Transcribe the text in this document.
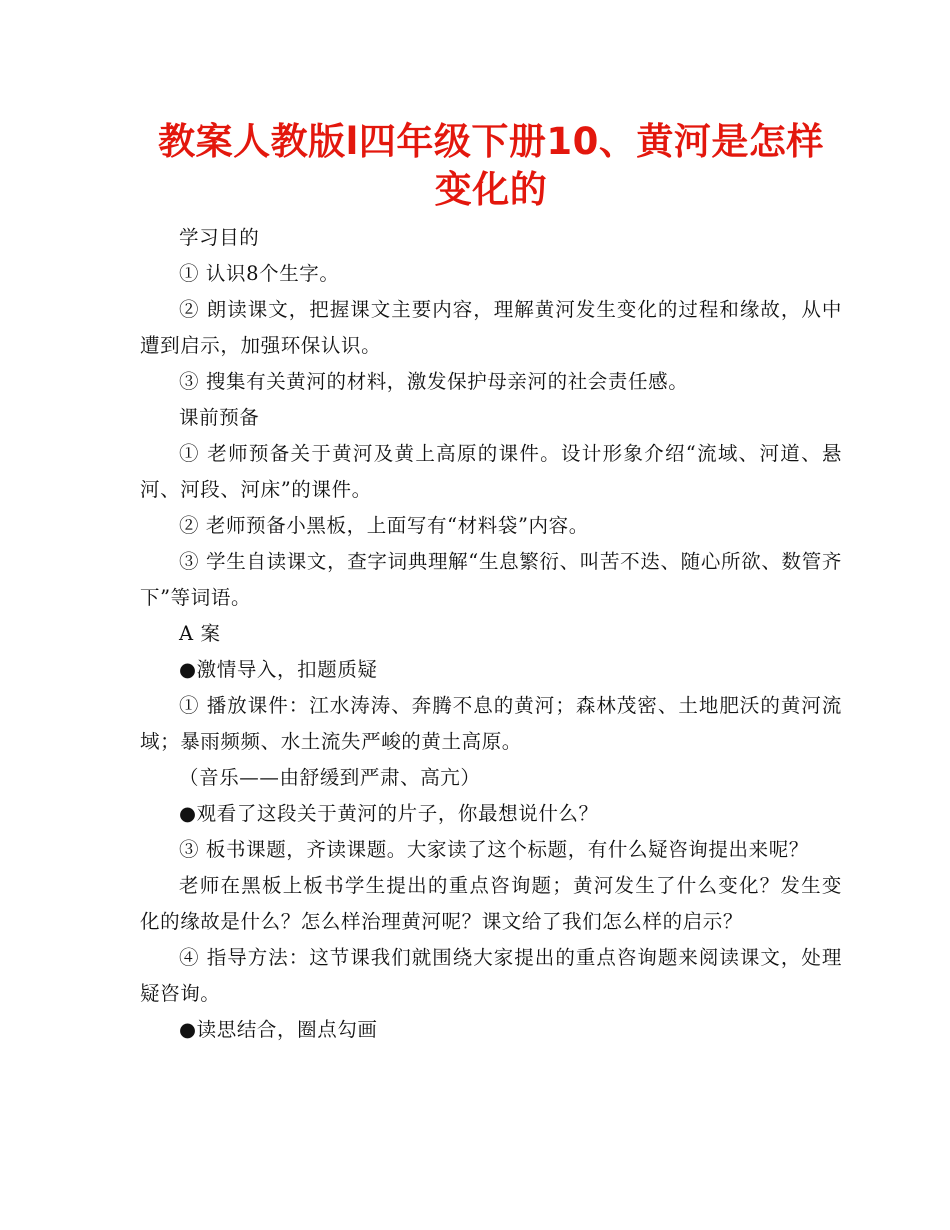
教案人教版l四年级下册10、黄河是怎样
变化的

学习目的

① 认识8个生字。

② 朗读课文，把握课文主要内容，理解黄河发生变化的过程和缘故，从中遭到启示，加强环保认识。

③ 搜集有关黄河的材料，激发保护母亲河的社会责任感。

课前预备

① 老师预备关于黄河及黄上高原的课件。设计形象介绍“流域、河道、悬河、河段、河床”的课件。

② 老师预备小黑板，上面写有“材料袋”内容。

③ 学生自读课文，查字词典理解“生息繁衍、叫苦不迭、随心所欲、数管齐下”等词语。

A 案

●激情导入，扣题质疑

① 播放课件：江水涛涛、奔腾不息的黄河；森林茂密、土地肥沃的黄河流域；暴雨频频、水土流失严峻的黄土高原。

（音乐——由舒缓到严肃、高亢）

●观看了这段关于黄河的片子，你最想说什么？

③ 板书课题，齐读课题。大家读了这个标题，有什么疑咨询提出来呢？

老师在黑板上板书学生提出的重点咨询题；黄河发生了什么变化？发生变化的缘故是什么？怎么样治理黄河呢？课文给了我们怎么样的启示？

④ 指导方法：这节课我们就围绕大家提出的重点咨询题来阅读课文，处理疑咨询。

●读思结合，圈点勾画
